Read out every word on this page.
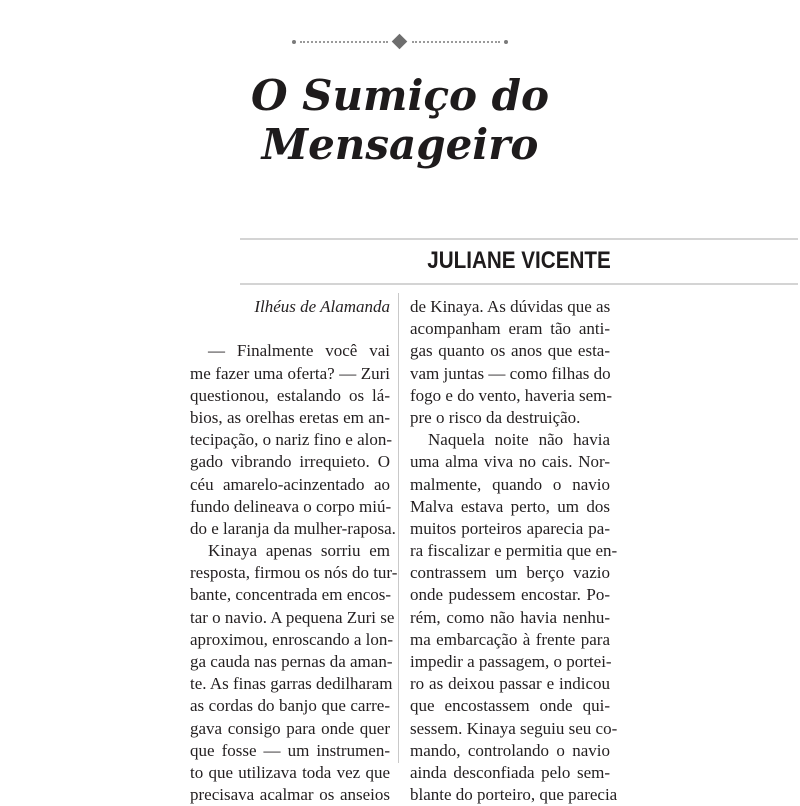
O Sumiço do
Mensageiro
JULIANE VICENTE
Ilhéus de Alamanda
— Finalmente você vai
me fazer uma oferta? — Zuri
questionou, estalando os lá-
bios, as orelhas eretas em an-
tecipação, o nariz fino e alon-
gado vibrando irrequieto. O
céu amarelo-acinzentado ao
fundo delineava o corpo miú-
do e laranja da mulher-raposa.
Kinaya apenas sorriu em
resposta, firmou os nós do tur-
bante, concentrada em encos-
tar o navio. A pequena Zuri se
aproximou, enroscando a lon-
ga cauda nas pernas da aman-
te. As finas garras dedilharam
as cordas do banjo que carre-
gava consigo para onde quer
que fosse — um instrumen-
to que utilizava toda vez que
precisava acalmar os anseios
de Kinaya. As dúvidas que as
acompanham eram tão anti-
gas quanto os anos que esta-
vam juntas — como filhas do
fogo e do vento, haveria sem-
pre o risco da destruição.
Naquela noite não havia
uma alma viva no cais. Nor-
malmente, quando o navio
Malva estava perto, um dos
muitos porteiros aparecia pa-
ra fiscalizar e permitia que en-
contrassem um berço vazio
onde pudessem encostar. Po-
rém, como não havia nenhu-
ma embarcação à frente para
impedir a passagem, o portei-
ro as deixou passar e indicou
que encostassem onde qui-
sessem. Kinaya seguiu seu co-
mando, controlando o navio
ainda desconfiada pelo sem-
blante do porteiro, que parecia
